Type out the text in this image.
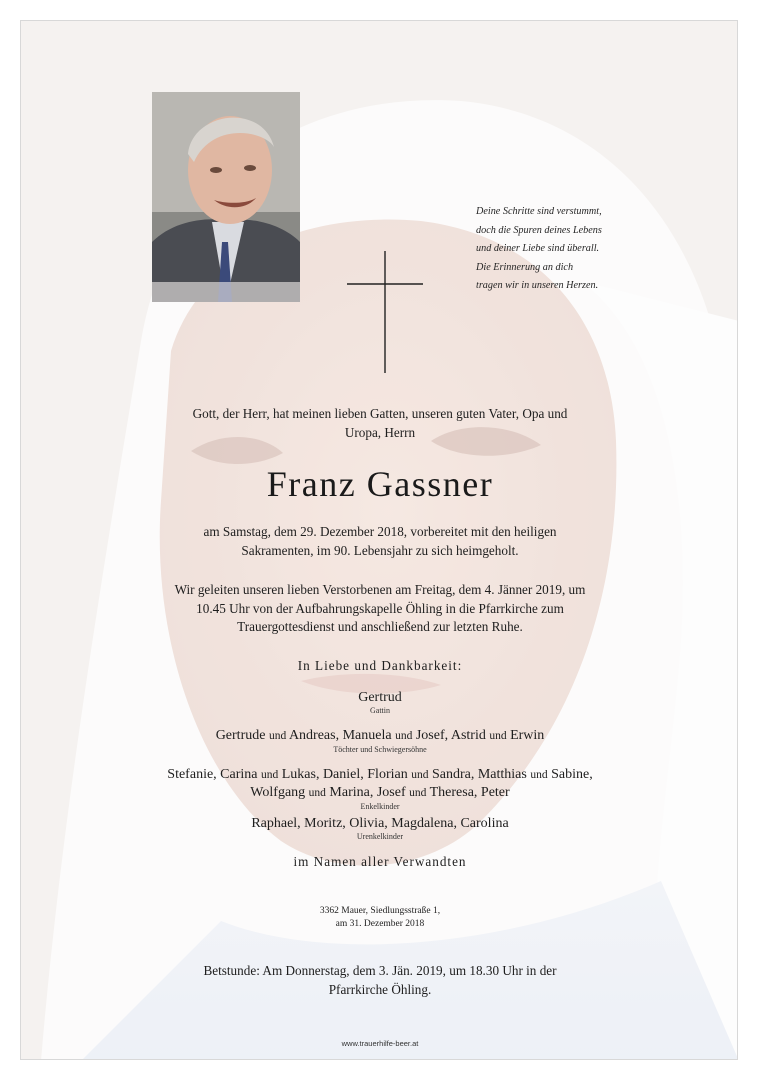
Deine Schritte sind verstummt,
doch die Spuren deines Lebens
und deiner Liebe sind überall.
Die Erinnerung an dich
tragen wir in unseren Herzen.
Gott, der Herr, hat meinen lieben Gatten, unseren guten Vater, Opa und
Uropa, Herrn
Franz Gassner
am Samstag, dem 29. Dezember 2018, vorbereitet mit den heiligen
Sakramenten, im 90. Lebensjahr zu sich heimgeholt.
Wir geleiten unseren lieben Verstorbenen am Freitag, dem 4. Jänner 2019, um
10.45 Uhr von der Aufbahrungskapelle Öhling in die Pfarrkirche zum
Trauergottesdienst und anschließend zur letzten Ruhe.
In Liebe und Dankbarkeit:
Gertrud
Gattin
Gertrude und Andreas, Manuela und Josef, Astrid und Erwin
Töchter und Schwiegersöhne
Stefanie, Carina und Lukas, Daniel, Florian und Sandra, Matthias und Sabine,
Wolfgang und Marina, Josef und Theresa, Peter
Enkelkinder
Raphael, Moritz, Olivia, Magdalena, Carolina
Urenkelkinder
im Namen aller Verwandten
3362 Mauer, Siedlungsstraße 1,
am 31. Dezember 2018
Betstunde: Am Donnerstag, dem 3. Jän. 2019, um 18.30 Uhr in der
Pfarrkirche Öhling.
www.trauerhilfe-beer.at
